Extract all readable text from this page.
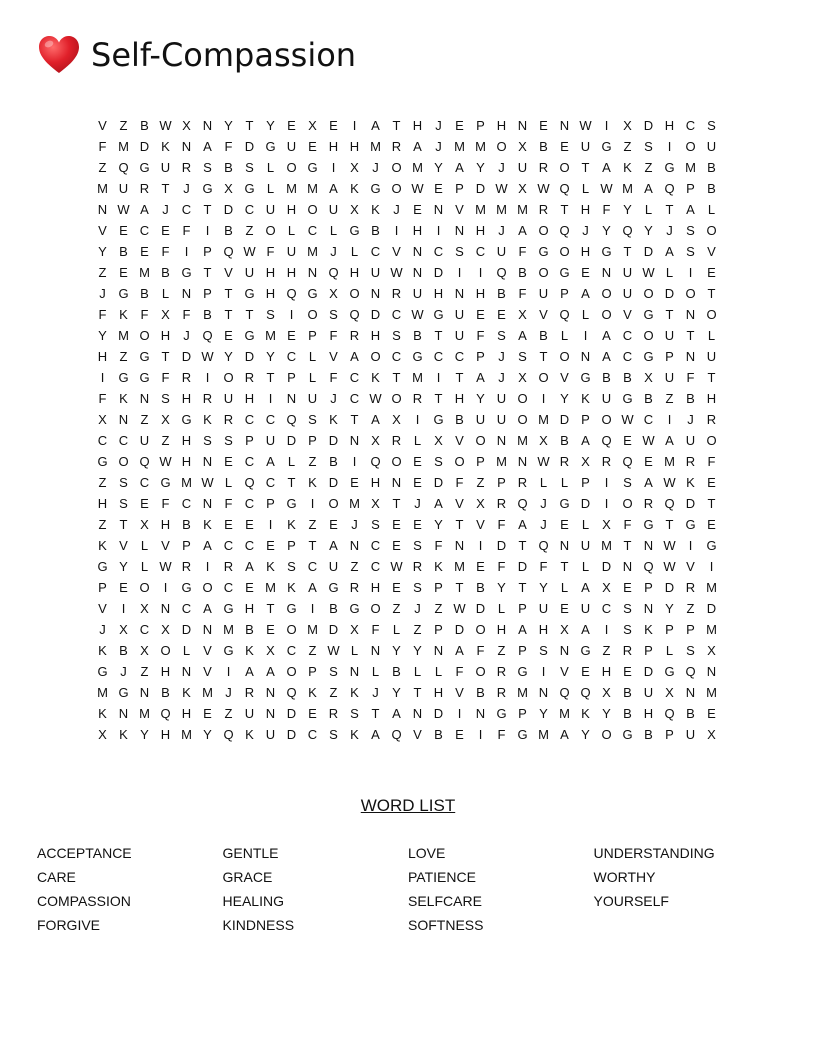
Self-Compassion
V Z B W X N Y T Y E X E	I	A T H	J	E P H N E N W	I	X D H C S
F M D K N A F D G U E H H M R A	J M M O X B E U G Z S	I	O U
Z Q G U R S B S	L O G	I	X	J O M Y A Y	J	U R O T A K Z G M B
M U R T	J G X G L M M A K G O W E P D W X W Q L W M A Q P B
N W A	J	C T D C U H O U X K	J	E N V M M M R T H F Y	L	T A	L
V E C E F	I	B Z O L C L G B	I	H	I	N H	J	A O Q J	Y Q Y	J	S O
Y B E F	I	P Q W F U M J	L C V N C S C U F G O H G T D A S V
Z E M B G T V U H H N Q H U W N D	I	I	Q B O G E N U W L	I	E
J G B	L N P T G H Q G X O N R U H N H B F U P A O U O D O T
F K F X F B T	T S	I	O S Q D C W G U E E X V Q L O V G T N O
Y M O H	J Q E G M E P F R H S B T U F S A B	L	I	A C O U T	L
H Z G T D W Y D Y C L	V A O C G C C P	J	S T O N A C G P N U
I	G G F R	I	O R T P	L	F C K T M	I	T A	J	X O V G B B X U F	T
F K N S H R U H	I	N U	J	C W O R T H Y U O	I	Y K U G B Z B H
X N Z X G K R C C Q S K T A X	I	G B U U O M D P O W C	I	J	R
C C U Z H S S P U D P D N X R L	X V O N M X B A Q E W A U O
G O Q W H N E C A	L	Z B	I	Q O E S O P M N W R X R Q E M R F
Z S C G M W L Q C T K D E H N E D F	Z P R L	L	P	I	S A W K E
H S E F C N F C P G	I	O M X T	J	A V X R Q J G D	I	O R Q D T
Z	T X H B K E E	I	K Z E	J	S E E Y T V F A	J	E	L	X F G T G E
K V	L	V P A C C E P T A N C E S F N	I	D T Q N U M T N W	I	G
G Y	L W R	I	R A K S C U Z C W R K M E F D F	T	L D N Q W V	I
P E O	I	G O C E M K A G R H E S P T B Y T Y	L	A X E P D R M
V	I	X N C A G H T G	I	B G O Z	J	Z W D L	P U E U C S N Y Z D
J	X C X D N M B E O M D X F	L	Z P D O H A H X A	I	S K P P M
K B X O L	V G K X C Z W L N Y Y N A F	Z P S N G Z R P	L	S X
G J	Z H N V	I	A A O P S N L	B	L	L	F O R G	I	V E H E D G Q N
M G N B K M J	R N Q K Z K	J	Y T H V B R M N Q Q X B U X N M
K N M Q H E Z U N D E R S T A N D	I	N G P Y M K Y B H Q B E
X K Y H M Y Q K U D C S K A Q V B E	I	F G M A Y O G B P U X
WORD LIST
ACCEPTANCE
CARE
COMPASSION
FORGIVE
GENTLE
GRACE
HEALING
KINDNESS
LOVE
PATIENCE
SELFCARE
SOFTNESS
UNDERSTANDING
WORTHY
YOURSELF
